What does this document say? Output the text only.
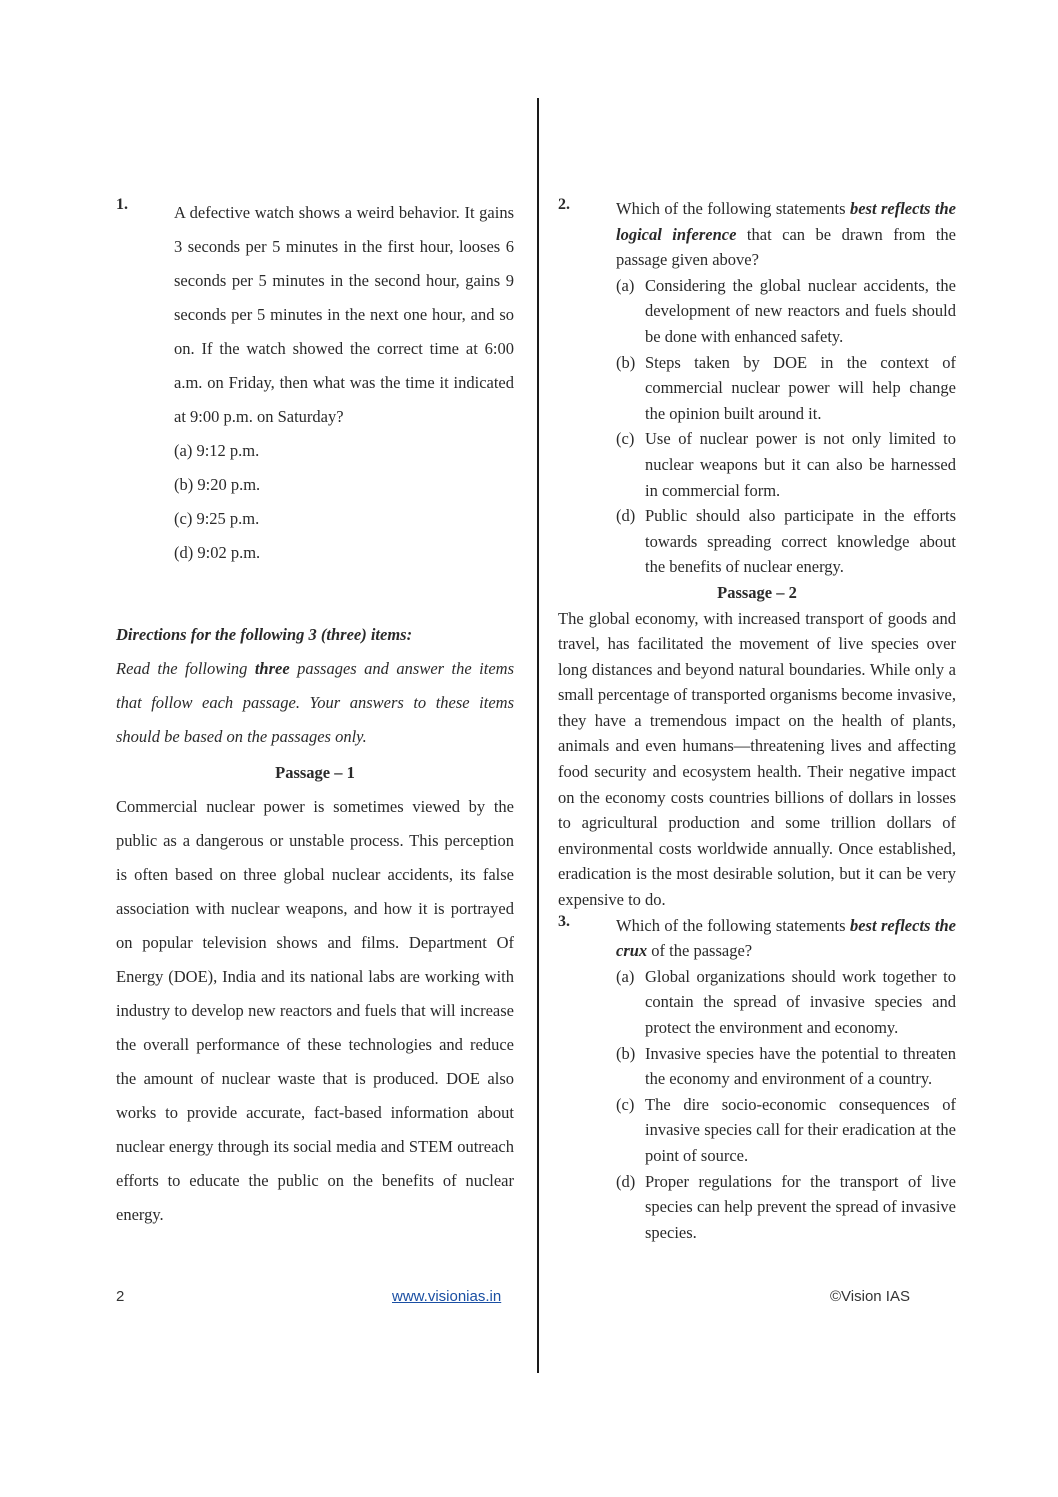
1.	A defective watch shows a weird behavior. It gains 3 seconds per 5 minutes in the first hour, looses 6 seconds per 5 minutes in the second hour, gains 9 seconds per 5 minutes in the next one hour, and so on. If the watch showed the correct time at 6:00 a.m. on Friday, then what was the time it indicated at 9:00 p.m. on Saturday?
(a) 9:12 p.m.
(b) 9:20 p.m.
(c) 9:25 p.m.
(d) 9:02 p.m.
Directions for the following 3 (three) items:
Read the following three passages and answer the items that follow each passage. Your answers to these items should be based on the passages only.
Passage – 1
Commercial nuclear power is sometimes viewed by the public as a dangerous or unstable process. This perception is often based on three global nuclear accidents, its false association with nuclear weapons, and how it is portrayed on popular television shows and films. Department Of Energy (DOE), India and its national labs are working with industry to develop new reactors and fuels that will increase the overall performance of these technologies and reduce the amount of nuclear waste that is produced. DOE also works to provide accurate, fact-based information about nuclear energy through its social media and STEM outreach efforts to educate the public on the benefits of nuclear energy.
2.	Which of the following statements best reflects the logical inference that can be drawn from the passage given above?
(a) Considering the global nuclear accidents, the development of new reactors and fuels should be done with enhanced safety.
(b) Steps taken by DOE in the context of commercial nuclear power will help change the opinion built around it.
(c) Use of nuclear power is not only limited to nuclear weapons but it can also be harnessed in commercial form.
(d) Public should also participate in the efforts towards spreading correct knowledge about the benefits of nuclear energy.
Passage – 2
The global economy, with increased transport of goods and travel, has facilitated the movement of live species over long distances and beyond natural boundaries. While only a small percentage of transported organisms become invasive, they have a tremendous impact on the health of plants, animals and even humans—threatening lives and affecting food security and ecosystem health. Their negative impact on the economy costs countries billions of dollars in losses to agricultural production and some trillion dollars of environmental costs worldwide annually. Once established, eradication is the most desirable solution, but it can be very expensive to do.
3.	Which of the following statements best reflects the crux of the passage?
(a) Global organizations should work together to contain the spread of invasive species and protect the environment and economy.
(b) Invasive species have the potential to threaten the economy and environment of a country.
(c) The dire socio-economic consequences of invasive species call for their eradication at the point of source.
(d) Proper regulations for the transport of live species can help prevent the spread of invasive species.
2	www.visionias.in	©Vision IAS
